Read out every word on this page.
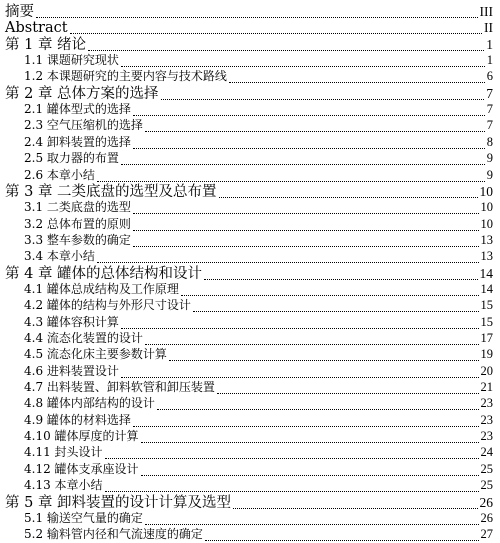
摘要	III
Abstract	II
第 1 章 绪论	1
1.1 课题研究现状	1
1.2 本课题研究的主要内容与技术路线	6
第 2 章 总体方案的选择	7
2.1 罐体型式的选择	7
2.3 空气压缩机的选择	7
2.4 卸料装置的选择	8
2.5 取力器的布置	9
2.6 本章小结	9
第 3 章 二类底盘的选型及总布置	10
3.1 二类底盘的选型	10
3.2 总体布置的原则	10
3.3 整车参数的确定	13
3.4 本章小结	13
第 4 章 罐体的总体结构和设计	14
4.1 罐体总成结构及工作原理	14
4.2 罐体的结构与外形尺寸设计	15
4.3 罐体容积计算	15
4.4 流态化装置的设计	17
4.5 流态化床主要参数计算	19
4.6 进料装置设计	20
4.7 出料装置、卸料软管和卸压装置	21
4.8 罐体内部结构的设计	23
4.9 罐体的材料选择	23
4.10 罐体厚度的计算	23
4.11 封头设计	24
4.12 罐体支承座设计	25
4.13 本章小结	25
第 5 章 卸料装置的设计计算及选型	26
5.1 输送空气量的确定	26
5.2 输料管内径和气流速度的确定	27
